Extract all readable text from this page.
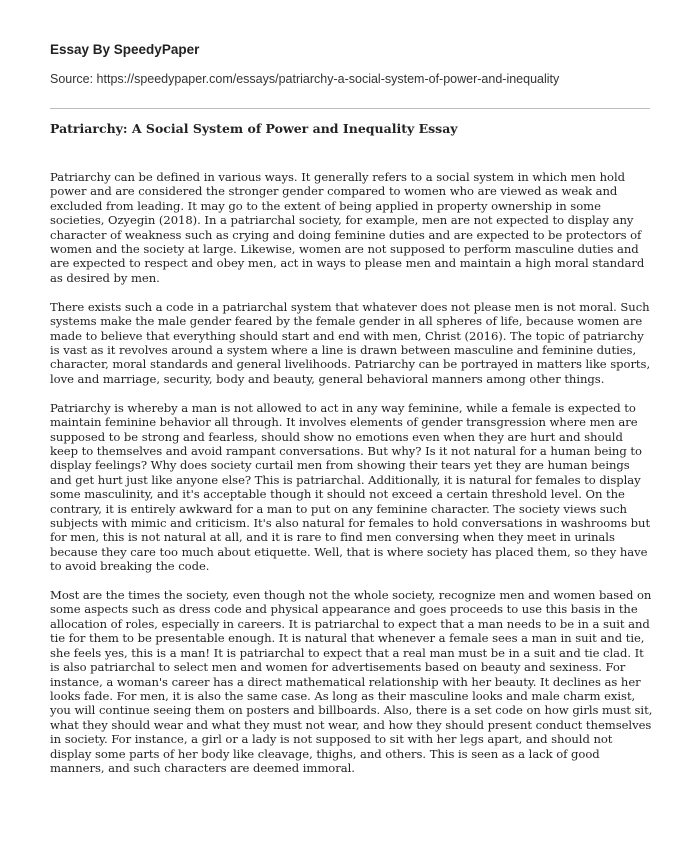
Essay By SpeedyPaper
Source: https://speedypaper.com/essays/patriarchy-a-social-system-of-power-and-inequality
Patriarchy: A Social System of Power and Inequality Essay

Patriarchy can be defined in various ways. It generally refers to a social system in which men hold power and are considered the stronger gender compared to women who are viewed as weak and excluded from leading. It may go to the extent of being applied in property ownership in some societies, Ozyegin (2018). In a patriarchal society, for example, men are not expected to display any character of weakness such as crying and doing feminine duties and are expected to be protectors of women and the society at large. Likewise, women are not supposed to perform masculine duties and are expected to respect and obey men, act in ways to please men and maintain a high moral standard as desired by men.

There exists such a code in a patriarchal system that whatever does not please men is not moral. Such systems make the male gender feared by the female gender in all spheres of life, because women are made to believe that everything should start and end with men, Christ (2016). The topic of patriarchy is vast as it revolves around a system where a line is drawn between masculine and feminine duties, character, moral standards and general livelihoods. Patriarchy can be portrayed in matters like sports, love and marriage, security, body and beauty, general behavioral manners among other things.

Patriarchy is whereby a man is not allowed to act in any way feminine, while a female is expected to maintain feminine behavior all through. It involves elements of gender transgression where men are supposed to be strong and fearless, should show no emotions even when they are hurt and should keep to themselves and avoid rampant conversations. But why? Is it not natural for a human being to display feelings? Why does society curtail men from showing their tears yet they are human beings and get hurt just like anyone else? This is patriarchal. Additionally, it is natural for females to display some masculinity, and it's acceptable though it should not exceed a certain threshold level. On the contrary, it is entirely awkward for a man to put on any feminine character. The society views such subjects with mimic and criticism. It's also natural for females to hold conversations in washrooms but for men, this is not natural at all, and it is rare to find men conversing when they meet in urinals because they care too much about etiquette. Well, that is where society has placed them, so they have to avoid breaking the code.

Most are the times the society, even though not the whole society, recognize men and women based on some aspects such as dress code and physical appearance and goes proceeds to use this basis in the allocation of roles, especially in careers. It is patriarchal to expect that a man needs to be in a suit and tie for them to be presentable enough. It is natural that whenever a female sees a man in suit and tie, she feels yes, this is a man! It is patriarchal to expect that a real man must be in a suit and tie clad. It is also patriarchal to select men and women for advertisements based on beauty and sexiness. For instance, a woman's career has a direct mathematical relationship with her beauty. It declines as her looks fade. For men, it is also the same case. As long as their masculine looks and male charm exist, you will continue seeing them on posters and billboards. Also, there is a set code on how girls must sit, what they should wear and what they must not wear, and how they should present conduct themselves in society. For instance, a girl or a lady is not supposed to sit with her legs apart, and should not display some parts of her body like cleavage, thighs, and others. This is seen as a lack of good manners, and such characters are deemed immoral.
